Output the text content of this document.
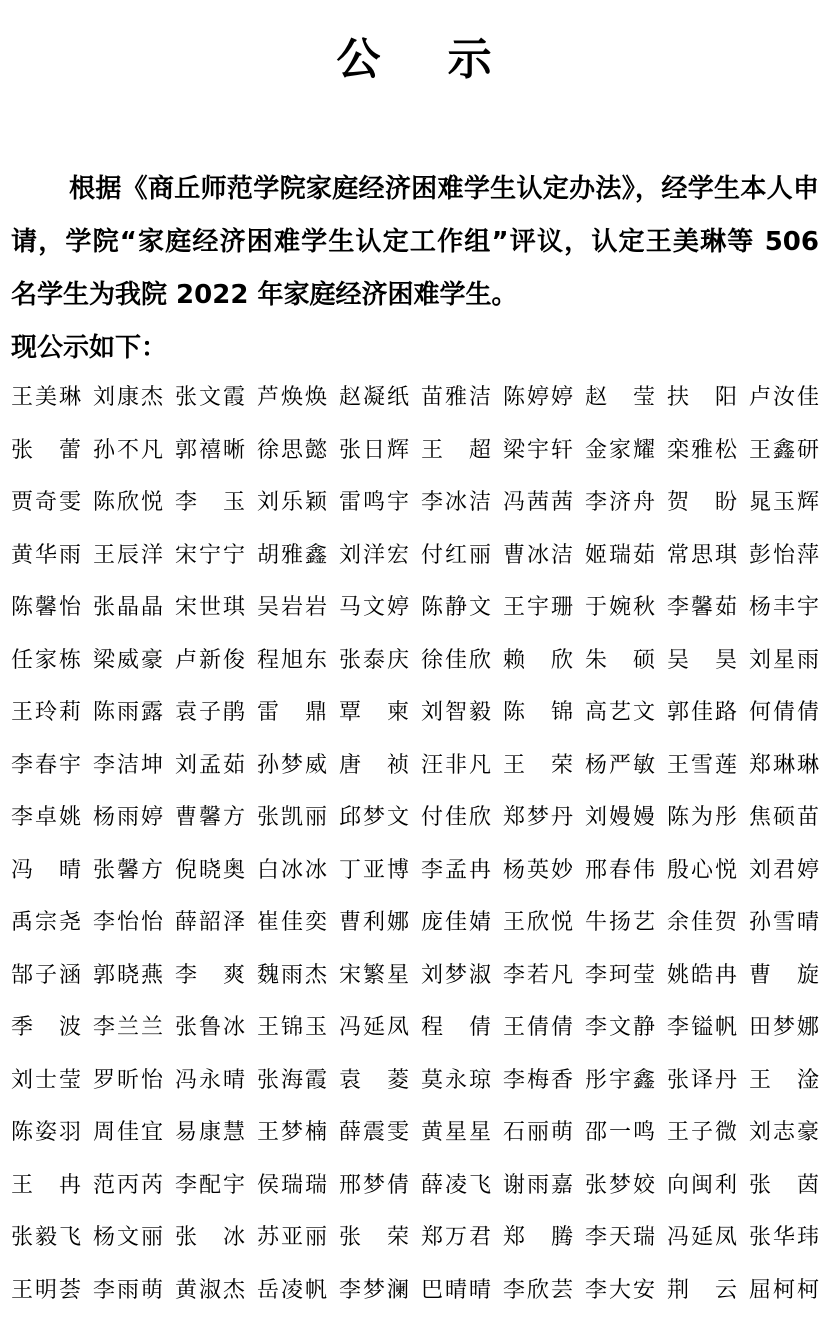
公 示
根据《商丘师范学院家庭经济困难学生认定办法》，经学生本人申请，学院“家庭经济困难学生认定工作组”评议，认定王美琳等 506 名学生为我院 2022 年家庭经济困难学生。
现公示如下：
王 美 琳 刘 康 杰 张 文 霞 芦 焕 焕 赵 凝 纸 苗 雅 洁 陈 婷 婷 赵 莹 扶 阳 卢 汝 佳
张 蕾 孙 不 凡 郭 禧 晰 徐 思 懿 张 日 辉 王 超 梁 宇 轩 金 家 耀 栾 雅 松 王 鑫 研
贾 奇 雯 陈 欣 悦 李 玉 刘 乐 颖 雷 鸣 宇 李 冰 洁 冯 茜 茜 李 济 舟 贺 盼 晁 玉 辉
黄 华 雨 王 辰 洋 宋 宁 宁 胡 雅 鑫 刘 洋 宏 付 红 丽 曹 冰 洁 姬 瑞 茹 常 思 琪 彭 怡 萍
陈 馨 怡 张 晶 晶 宋 世 琪 吴 岩 岩 马 文 婷 陈 静 文 王 宇 珊 于 婉 秋 李 馨 茹 杨 丰 宇
任 家 栋 梁 威 豪 卢 新 俊 程 旭 东 张 泰 庆 徐 佳 欣 赖 欣 朱 硕 吴 昊 刘 星 雨
王 玲 莉 陈 雨 露 袁 子 鹃 雷 鼎 覃 柬 刘 智 毅 陈 锦 高 艺 文 郭 佳 路 何 倩 倩
李 春 宇 李 洁 坤 刘 孟 茹 孙 梦 威 唐 祯 汪 非 凡 王 荣 杨 严 敏 王 雪 莲 郑 琳 琳
李 卓 姚 杨 雨 婷 曹 馨 方 张 凯 丽 邱 梦 文 付 佳 欣 郑 梦 丹 刘 嫚 嫚 陈 为 彤 焦 硕 苗
冯 晴 张 馨 方 倪 晓 奥 白 冰 冰 丁 亚 博 李 孟 冉 杨 英 妙 邢 春 伟 殷 心 悦 刘 君 婷
禹 宗 尧 李 怡 怡 薛 韶 泽 崔 佳 奕 曹 利 娜 庞 佳 婧 王 欣 悦 牛 扬 艺 余 佳 贺 孙 雪 晴
郜 子 涵 郭 晓 燕 李 爽 魏 雨 杰 宋 繁 星 刘 梦 淑 李 若 凡 李 珂 莹 姚 皓 冉 曹 旋
季 波 李 兰 兰 张 鲁 冰 王 锦 玉 冯 延 凤 程 倩 王 倩 倩 李 文 静 李 镒 帆 田 梦 娜
刘 士 莹 罗 昕 怡 冯 永 晴 张 海 霞 袁 菱 莫 永 琼 李 梅 香 彤 宇 鑫 张 译 丹 王 淦
陈 姿 羽 周 佳 宜 易 康 慧 王 梦 楠 薛 震 雯 黄 星 星 石 丽 萌 邵 一 鸣 王 子 微 刘 志 豪
王 冉 范 丙 芮 李 配 宇 侯 瑞 瑞 邢 梦 倩 薛 凌 飞 谢 雨 嘉 张 梦 姣 向 闽 利 张 茵
张 毅 飞 杨 文 丽 张 冰 苏 亚 丽 张 荣 郑 万 君 郑 腾 李 天 瑞 冯 延 凤 张 华 玮
王 明 荟 李 雨 萌 黄 淑 杰 岳 凌 帆 李 梦 澜 巴 晴 晴 李 欣 芸 李 大 安 荆 云 屈 柯 柯
